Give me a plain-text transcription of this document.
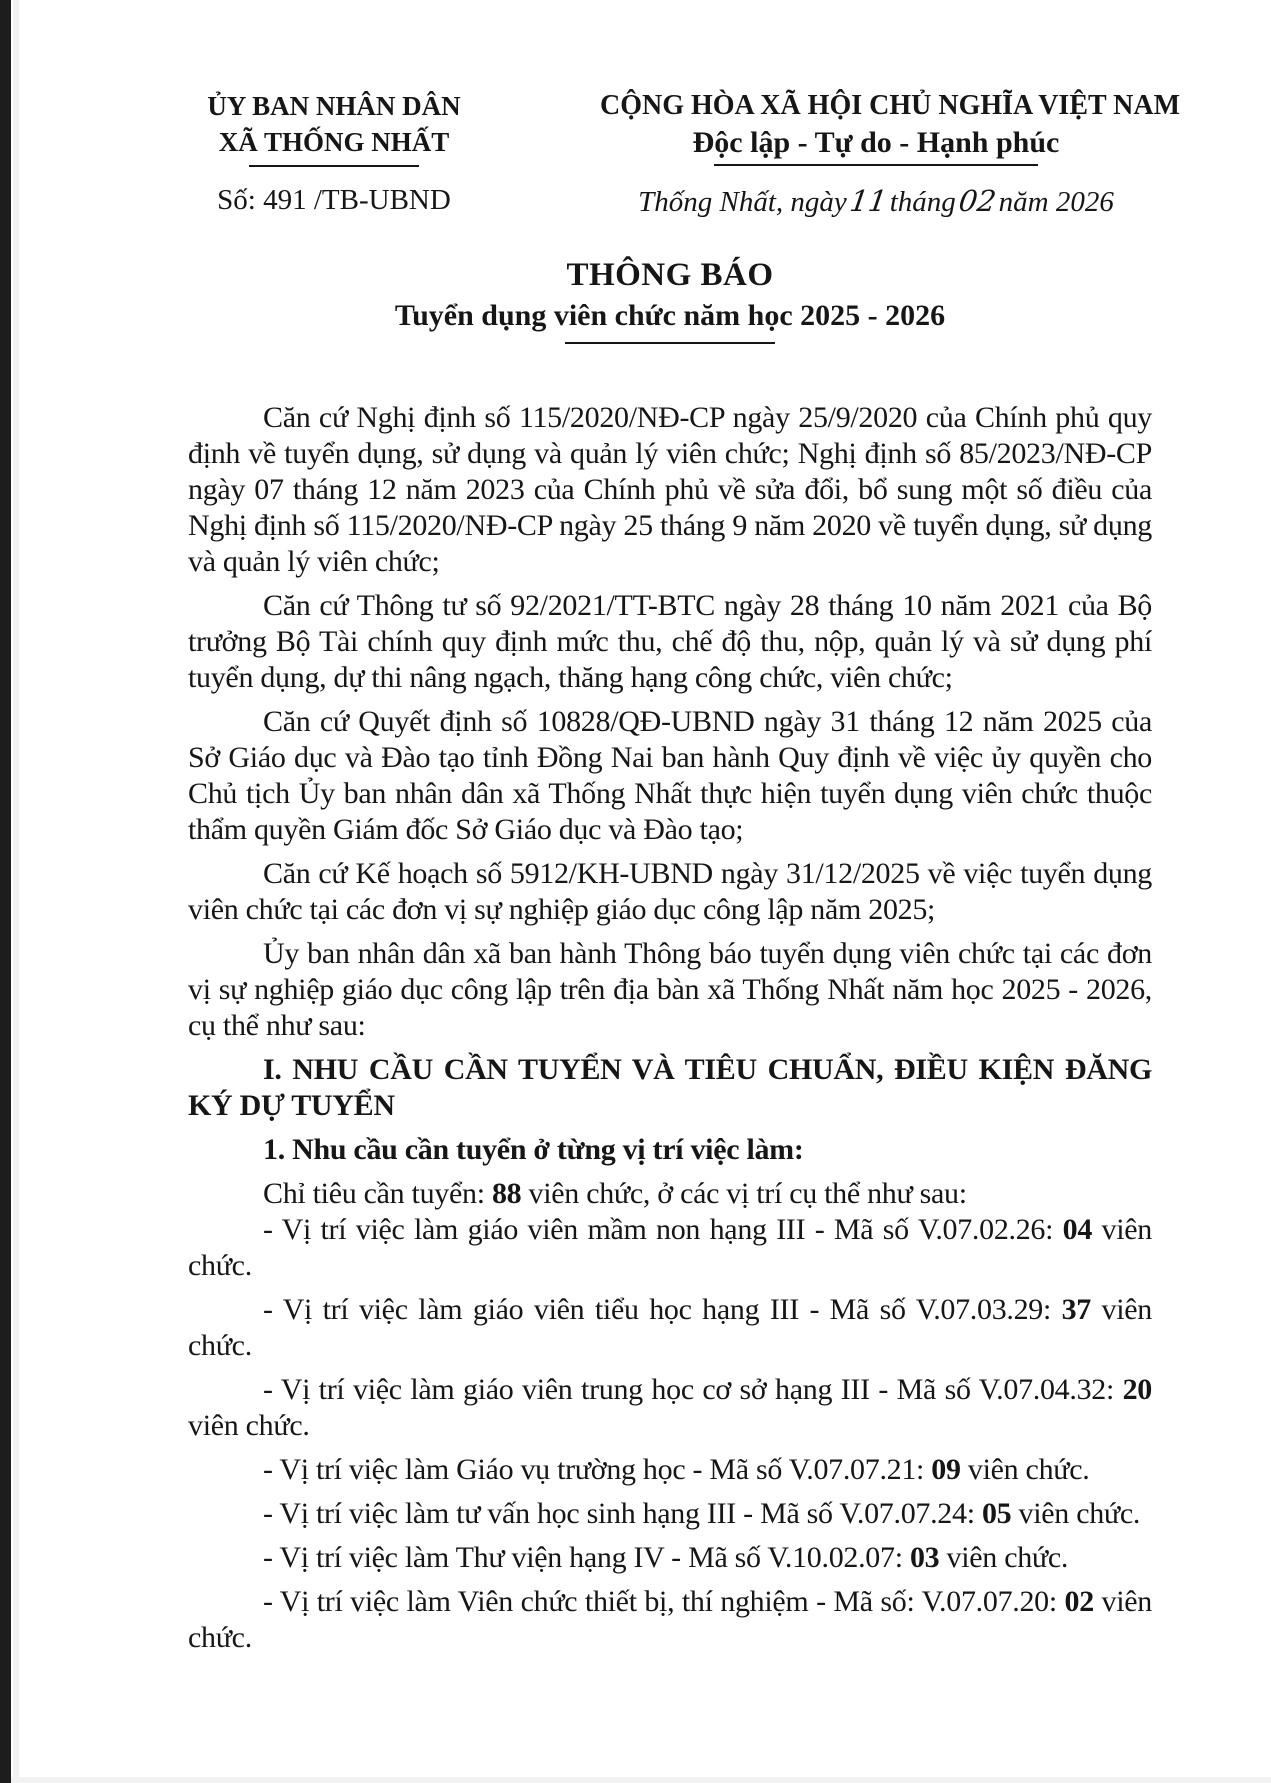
ỦY BAN NHÂN DÂN
XÃ THỐNG NHẤT
Số: 491 /TB-UBND
CỘNG HÒA XÃ HỘI CHỦ NGHĨA VIỆT NAM
Độc lập - Tự do - Hạnh phúc
Thống Nhất, ngày11tháng02năm 2026
THÔNG BÁO
Tuyển dụng viên chức năm học 2025 - 2026

Căn cứ Nghị định số 115/2020/NĐ-CP ngày 25/9/2020 của Chính phủ quy định về tuyển dụng, sử dụng và quản lý viên chức; Nghị định số 85/2023/NĐ-CP ngày 07 tháng 12 năm 2023 của Chính phủ về sửa đổi, bổ sung một số điều của Nghị định số 115/2020/NĐ-CP ngày 25 tháng 9 năm 2020 về tuyển dụng, sử dụng và quản lý viên chức;

Căn cứ Thông tư số 92/2021/TT-BTC ngày 28 tháng 10 năm 2021 của Bộ trưởng Bộ Tài chính quy định mức thu, chế độ thu, nộp, quản lý và sử dụng phí tuyển dụng, dự thi nâng ngạch, thăng hạng công chức, viên chức;

Căn cứ Quyết định số 10828/QĐ-UBND ngày 31 tháng 12 năm 2025 của Sở Giáo dục và Đào tạo tỉnh Đồng Nai ban hành Quy định về việc ủy quyền cho Chủ tịch Ủy ban nhân dân xã Thống Nhất thực hiện tuyển dụng viên chức thuộc thẩm quyền Giám đốc Sở Giáo dục và Đào tạo;

Căn cứ Kế hoạch số 5912/KH-UBND ngày 31/12/2025 về việc tuyển dụng viên chức tại các đơn vị sự nghiệp giáo dục công lập năm 2025;

Ủy ban nhân dân xã ban hành Thông báo tuyển dụng viên chức tại các đơn vị sự nghiệp giáo dục công lập trên địa bàn xã Thống Nhất năm học 2025 - 2026, cụ thể như sau:

I. NHU CẦU CẦN TUYỂN VÀ TIÊU CHUẨN, ĐIỀU KIỆN ĐĂNG KÝ DỰ TUYỂN

1. Nhu cầu cần tuyển ở từng vị trí việc làm:

Chỉ tiêu cần tuyển: 88 viên chức, ở các vị trí cụ thể như sau:

- Vị trí việc làm giáo viên mầm non hạng III - Mã số V.07.02.26: 04 viên chức.

- Vị trí việc làm giáo viên tiểu học hạng III - Mã số V.07.03.29: 37 viên chức.

- Vị trí việc làm giáo viên trung học cơ sở hạng III - Mã số V.07.04.32: 20 viên chức.

- Vị trí việc làm Giáo vụ trường học - Mã số V.07.07.21: 09 viên chức.

- Vị trí việc làm tư vấn học sinh hạng III - Mã số V.07.07.24: 05 viên chức.

- Vị trí việc làm Thư viện hạng IV - Mã số V.10.02.07: 03 viên chức.

- Vị trí việc làm Viên chức thiết bị, thí nghiệm - Mã số: V.07.07.20: 02 viên chức.
